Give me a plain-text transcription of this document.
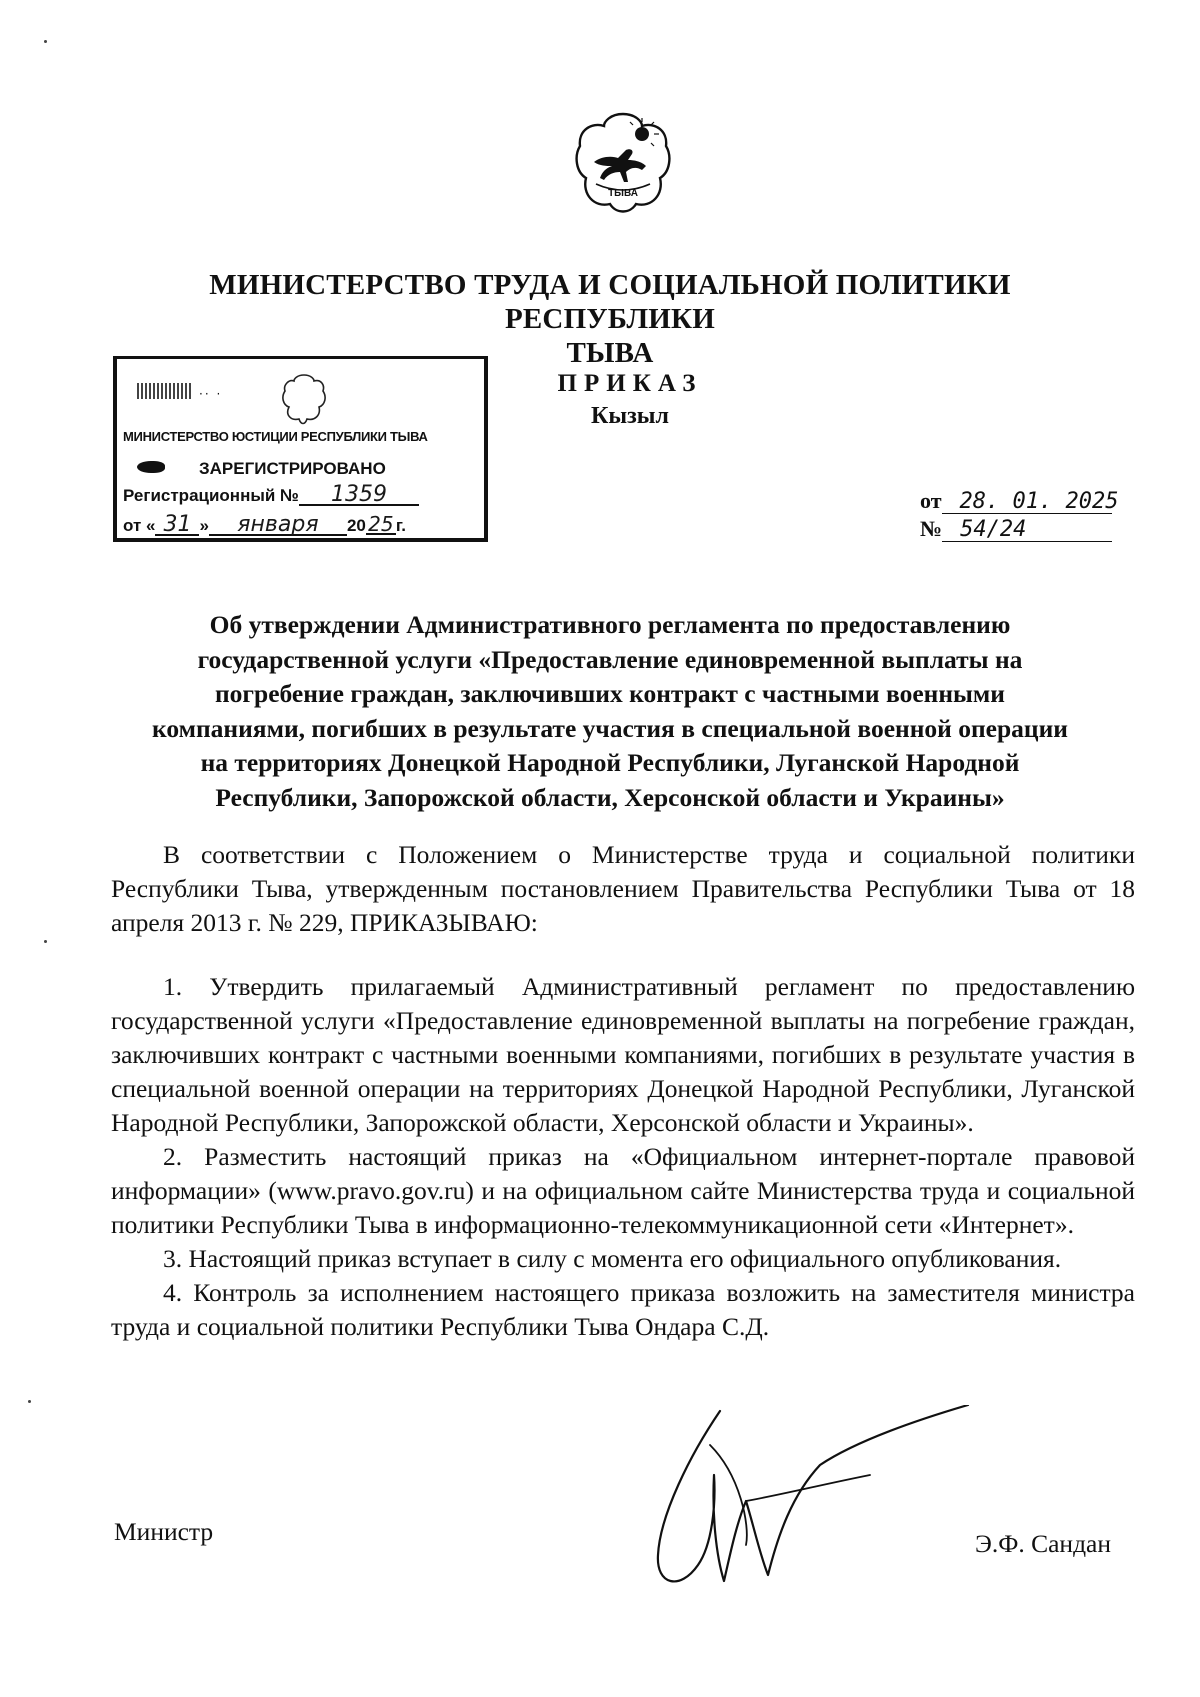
ТЫВА
МИНИСТЕРСТВО ТРУДА И СОЦИАЛЬНОЙ ПОЛИТИКИ РЕСПУБЛИКИ
ТЫВА
·· ·
МИНИСТЕРСТВО ЮСТИЦИИ РЕСПУБЛИКИ ТЫВА
ЗАРЕГИСТРИРОВАНО
Регистрационный № 1359
от « 31 » января 20 25 г.
ПРИКАЗ
Кызыл
от 28. 01. 2025
№ 54/24
Об утверждении Административного регламента по предоставлению
государственной услуги «Предоставление единовременной выплаты на
погребение граждан, заключивших контракт с частными военными
компаниями, погибших в результате участия в специальной военной операции
на территориях Донецкой Народной Республики, Луганской Народной
Республики, Запорожской области, Херсонской области и Украины»

В соответствии с Положением о Министерстве труда и социальной политики Республики Тыва, утвержденным постановлением Правительства Республики Тыва от 18 апреля 2013 г. № 229, ПРИКАЗЫВАЮ:

1. Утвердить прилагаемый Административный регламент по предоставлению государственной услуги «Предоставление единовременной выплаты на погребение граждан, заключивших контракт с частными военными компаниями, погибших в результате участия в специальной военной операции на территориях Донецкой Народной Республики, Луганской Народной Республики, Запорожской области, Херсонской области и Украины».

2. Разместить настоящий приказ на «Официальном интернет-портале правовой информации» (www.pravo.gov.ru) и на официальном сайте Министерства труда и социальной политики Республики Тыва в информационно-телекоммуникационной сети «Интернет».

3. Настоящий приказ вступает в силу с момента его официального опубликования.

4. Контроль за исполнением настоящего приказа возложить на заместителя министра труда и социальной политики Республики Тыва Ондара С.Д.

Министр	Э.Ф. Сандан
